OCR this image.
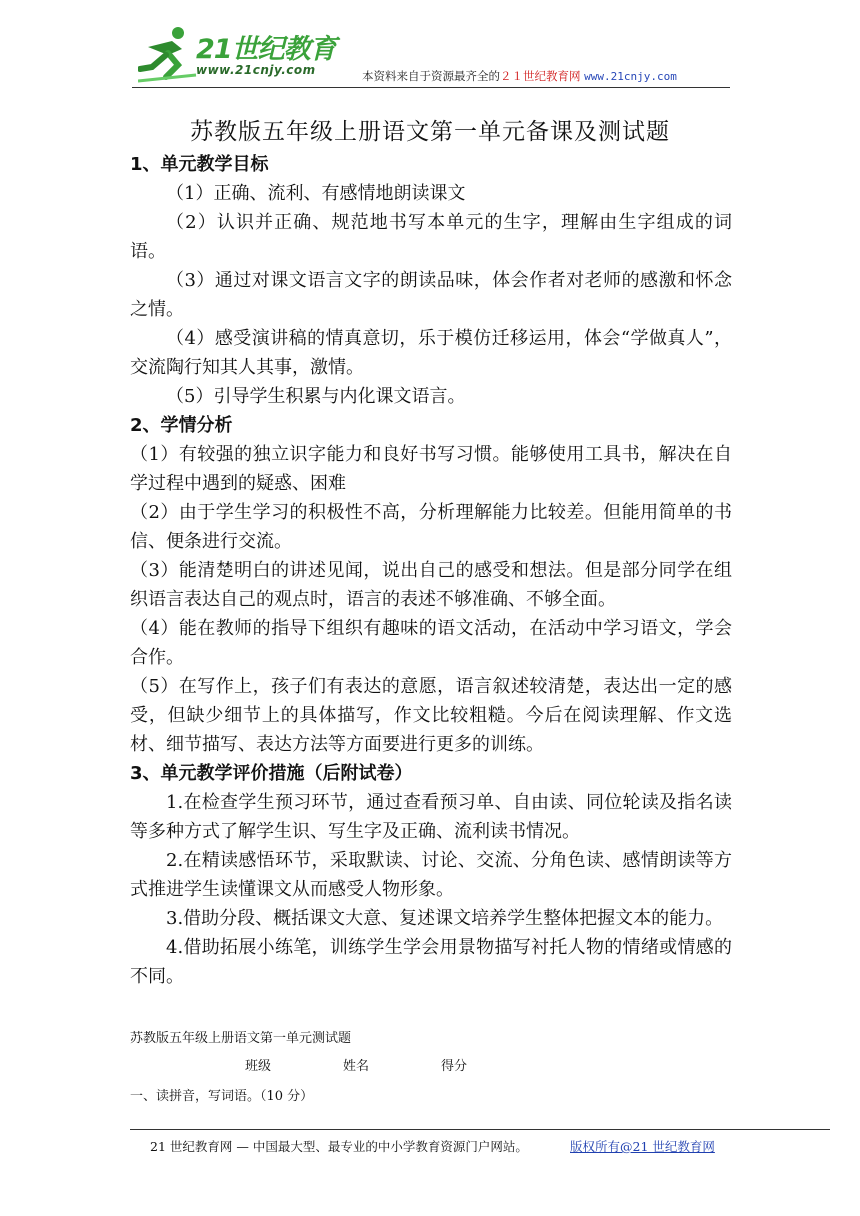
21世纪教育
www.21cnjy.com	本资料来自于资源最齐全的２１世纪教育网 www.21cnjy.com
苏教版五年级上册语文第一单元备课及测试题

1、单元教学目标

（1）正确、流利、有感情地朗读课文

（2）认识并正确、规范地书写本单元的生字，理解由生字组成的词语。

（3）通过对课文语言文字的朗读品味，体会作者对老师的感激和怀念之情。

（4）感受演讲稿的情真意切，乐于模仿迁移运用，体会“学做真人”，交流陶行知其人其事，激情。

（5）引导学生积累与内化课文语言。

2、学情分析

（1）有较强的独立识字能力和良好书写习惯。能够使用工具书，解决在自学过程中遇到的疑惑、困难

（2）由于学生学习的积极性不高，分析理解能力比较差。但能用简单的书信、便条进行交流。

（3）能清楚明白的讲述见闻，说出自己的感受和想法。但是部分同学在组织语言表达自己的观点时，语言的表述不够准确、不够全面。

（4）能在教师的指导下组织有趣味的语文活动，在活动中学习语文，学会合作。

（5）在写作上，孩子们有表达的意愿，语言叙述较清楚，表达出一定的感受，但缺少细节上的具体描写，作文比较粗糙。今后在阅读理解、作文选材、细节描写、表达方法等方面要进行更多的训练。

3、单元教学评价措施（后附试卷）

1.在检查学生预习环节，通过查看预习单、自由读、同位轮读及指名读等多种方式了解学生识、写生字及正确、流利读书情况。

2.在精读感悟环节，采取默读、讨论、交流、分角色读、感情朗读等方式推进学生读懂课文从而感受人物形象。

3.借助分段、概括课文大意、复述课文培养学生整体把握文本的能力。

4.借助拓展小练笔，训练学生学会用景物描写衬托人物的情绪或情感的不同。

苏教版五年级上册语文第一单元测试题
班级	姓名	得分
一、读拼音，写词语。（10 分）
21 世纪教育网 — 中国最大型、最专业的中小学教育资源门户网站。	版权所有@21 世纪教育网
